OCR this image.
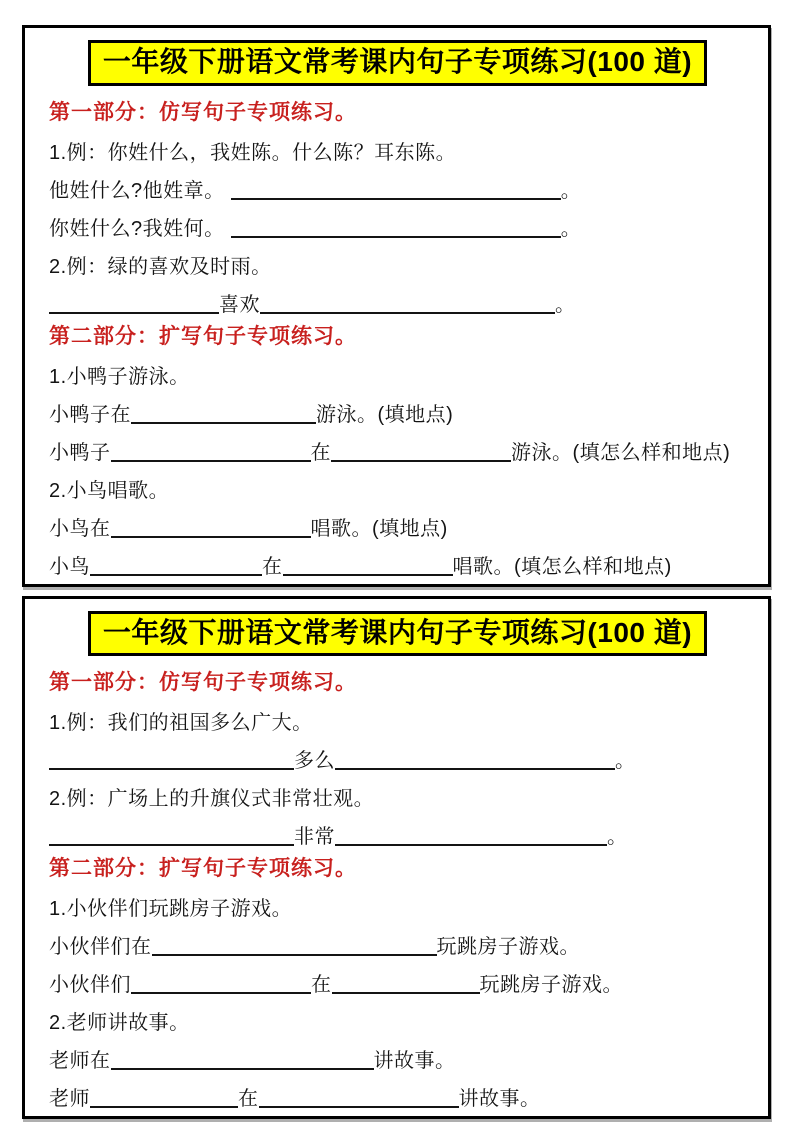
一年级下册语文常考课内句子专项练习(100 道)
第一部分：仿写句子专项练习。
1.例：你姓什么，我姓陈。什么陈？耳东陈。
他姓什么?他姓章。	。
你姓什么?我姓何。	。
2.例：绿的喜欢及时雨。
喜欢	。
第二部分：扩写句子专项练习。
1.小鸭子游泳。
小鸭子在	游泳。(填地点)
小鸭子	在	游泳。(填怎么样和地点)
2.小鸟唱歌。
小鸟在	唱歌。(填地点)
小鸟	在	唱歌。(填怎么样和地点)
一年级下册语文常考课内句子专项练习(100 道)
第一部分：仿写句子专项练习。
1.例：我们的祖国多么广大。
多么	。
2.例：广场上的升旗仪式非常壮观。
非常	。
第二部分：扩写句子专项练习。
1.小伙伴们玩跳房子游戏。
小伙伴们在	玩跳房子游戏。
小伙伴们	在	玩跳房子游戏。
2.老师讲故事。
老师在	讲故事。
老师	在	讲故事。
